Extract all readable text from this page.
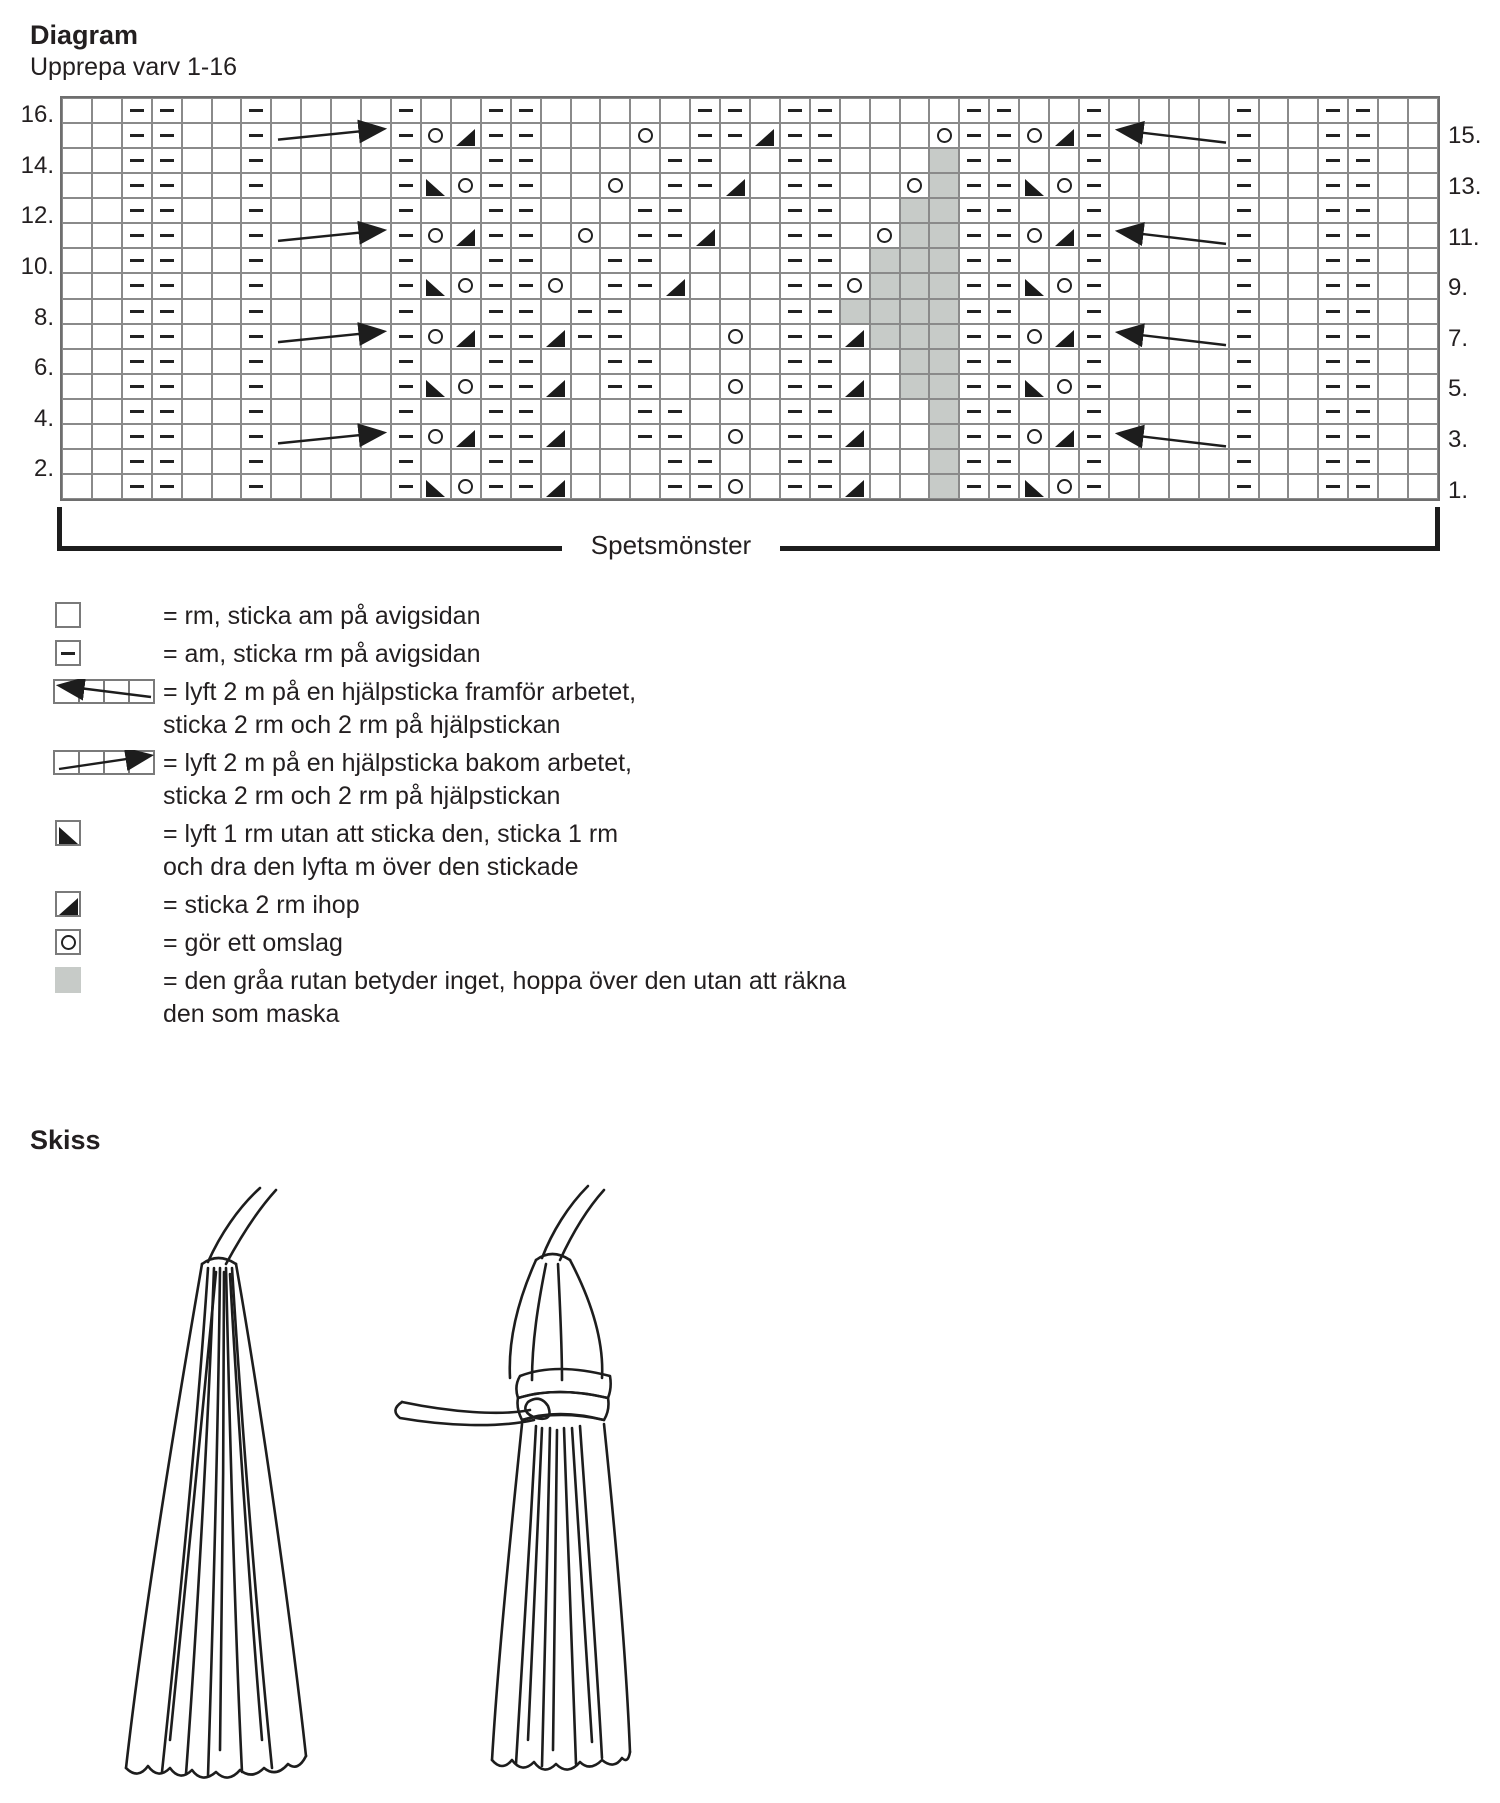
Diagram
Upprepa varv 1-16
16.
14.
12.
10.
8.
6.
4.
2.
15.
13.
11.
9.
7.
5.
3.
1.
Spetsmönster
= rm, sticka am på avigsidan
= am, sticka rm på avigsidan
= lyft 2 m på en hjälpsticka framför arbetet,
sticka 2 rm och 2 rm på hjälpstickan
= lyft 2 m på en hjälpsticka bakom arbetet,
sticka 2 rm och 2 rm på hjälpstickan
= lyft 1 rm utan att sticka den, sticka 1 rm
och dra den lyfta m över den stickade
= sticka 2 rm ihop
= gör ett omslag
= den gråa rutan betyder inget, hoppa över den utan att räkna
den som maska
Skiss
